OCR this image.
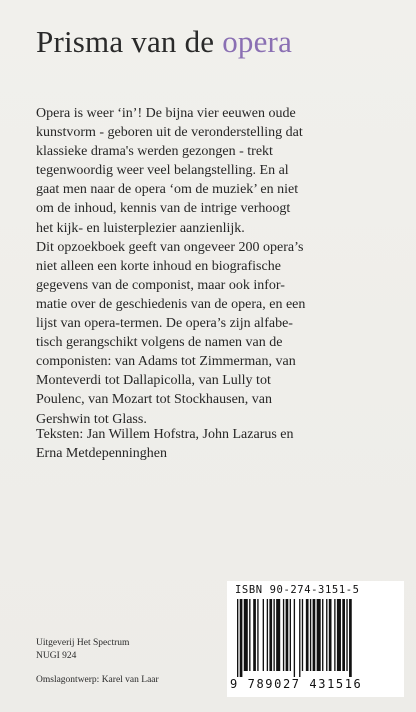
Prisma van de opera
Opera is weer ‘in’! De bijna vier eeuwen oude
kunstvorm - geboren uit de veronderstelling dat
klassieke drama's werden gezongen - trekt
tegenwoordig weer veel belangstelling. En al
gaat men naar de opera ‘om de muziek’ en niet
om de inhoud, kennis van de intrige verhoogt
het kijk- en luisterplezier aanzienlijk.
Dit opzoekboek geeft van ongeveer 200 opera’s
niet alleen een korte inhoud en biografische
gegevens van de componist, maar ook infor-
matie over de geschiedenis van de opera, en een
lijst van opera-termen. De opera’s zijn alfabe-
tisch gerangschikt volgens de namen van de
componisten: van Adams tot Zimmerman, van
Monteverdi tot Dallapicolla, van Lully tot
Poulenc, van Mozart tot Stockhausen, van
Gershwin tot Glass.
Teksten: Jan Willem Hofstra, John Lazarus en
Erna Metdepenninghen
Uitgeverij Het Spectrum
NUGI 924
Omslagontwerp: Karel van Laar
ISBN 90-274-3151-5
9 789027 431516
